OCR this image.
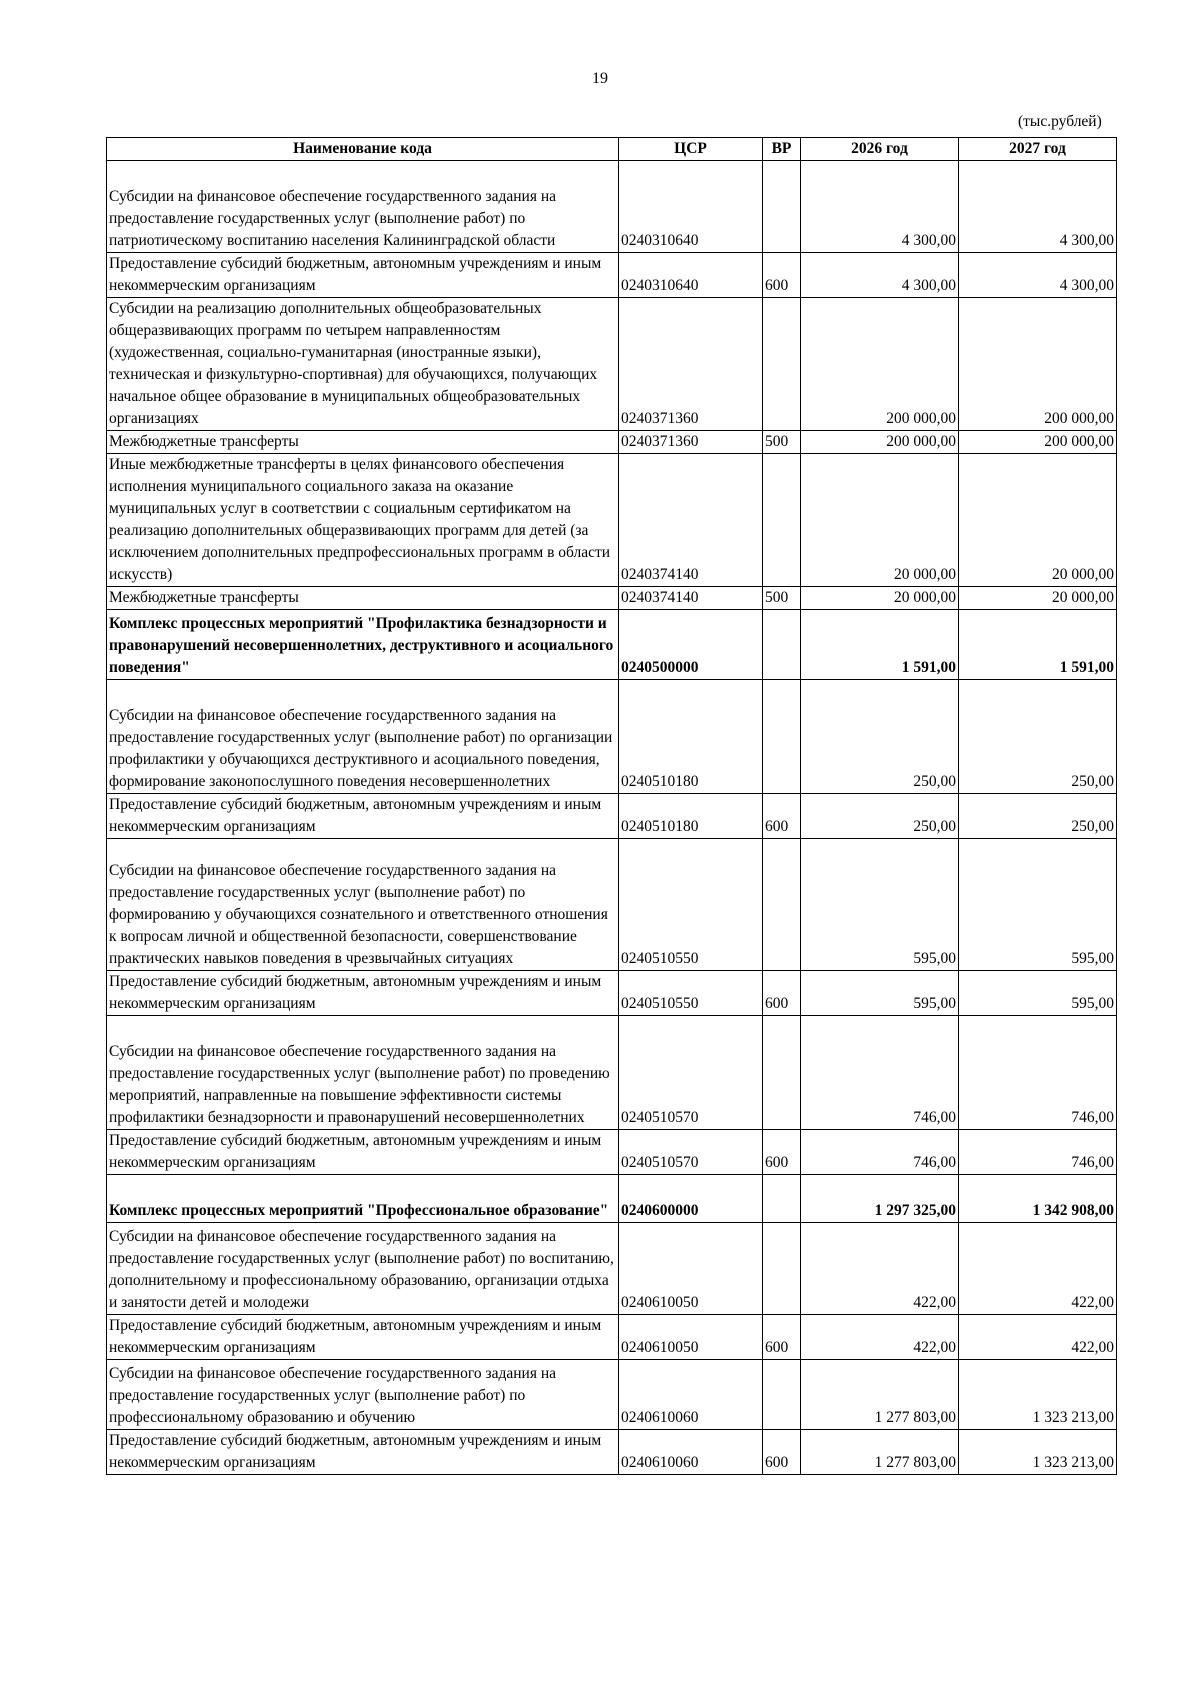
19
(тыс.рублей)
Наименование кода	ЦСР	ВР	2026 год	2027 год
Субсидии на финансовое обеспечение государственного задания на предоставление государственных услуг (выполнение работ) по патриотическому воспитанию населения Калининградской области	0240310640		4 300,00	4 300,00
Предоставление субсидий бюджетным, автономным учреждениям и иным некоммерческим организациям	0240310640	600	4 300,00	4 300,00
Субсидии на реализацию дополнительных общеобразовательных общеразвивающих программ по четырем направленностям (художественная, социально-гуманитарная (иностранные языки), техническая и физкультурно-спортивная) для обучающихся, получающих начальное общее образование в муниципальных общеобразовательных организациях	0240371360		200 000,00	200 000,00
Межбюджетные трансферты	0240371360	500	200 000,00	200 000,00
Иные межбюджетные трансферты в целях финансового обеспечения исполнения муниципального социального заказа на оказание муниципальных услуг в соответствии с социальным сертификатом на реализацию дополнительных общеразвивающих программ для детей (за исключением дополнительных предпрофессиональных программ в области искусств)	0240374140		20 000,00	20 000,00
Межбюджетные трансферты	0240374140	500	20 000,00	20 000,00
Комплекс процессных мероприятий "Профилактика безнадзорности и правонарушений несовершеннолетних, деструктивного и асоциального поведения"	0240500000		1 591,00	1 591,00
Субсидии на финансовое обеспечение государственного задания на предоставление государственных услуг (выполнение работ) по организации профилактики у обучающихся деструктивного и асоциального поведения, формирование законопослушного поведения несовершеннолетних	0240510180		250,00	250,00
Предоставление субсидий бюджетным, автономным учреждениям и иным некоммерческим организациям	0240510180	600	250,00	250,00
Субсидии на финансовое обеспечение государственного задания на предоставление государственных услуг (выполнение работ) по формированию у обучающихся сознательного и ответственного отношения к вопросам личной и общественной безопасности, совершенствование практических навыков поведения в чрезвычайных ситуациях	0240510550		595,00	595,00
Предоставление субсидий бюджетным, автономным учреждениям и иным некоммерческим организациям	0240510550	600	595,00	595,00
Субсидии на финансовое обеспечение государственного задания на предоставление государственных услуг (выполнение работ) по проведению мероприятий, направленные на повышение эффективности системы профилактики безнадзорности и правонарушений несовершеннолетних	0240510570		746,00	746,00
Предоставление субсидий бюджетным, автономным учреждениям и иным некоммерческим организациям	0240510570	600	746,00	746,00
Комплекс процессных мероприятий "Профессиональное образование"	0240600000		1 297 325,00	1 342 908,00
Субсидии на финансовое обеспечение государственного задания на предоставление государственных услуг (выполнение работ) по воспитанию, дополнительному и профессиональному образованию, организации отдыха и занятости детей и молодежи	0240610050		422,00	422,00
Предоставление субсидий бюджетным, автономным учреждениям и иным некоммерческим организациям	0240610050	600	422,00	422,00
Субсидии на финансовое обеспечение государственного задания на предоставление государственных услуг (выполнение работ) по профессиональному образованию и обучению	0240610060		1 277 803,00	1 323 213,00
Предоставление субсидий бюджетным, автономным учреждениям и иным некоммерческим организациям	0240610060	600	1 277 803,00	1 323 213,00
